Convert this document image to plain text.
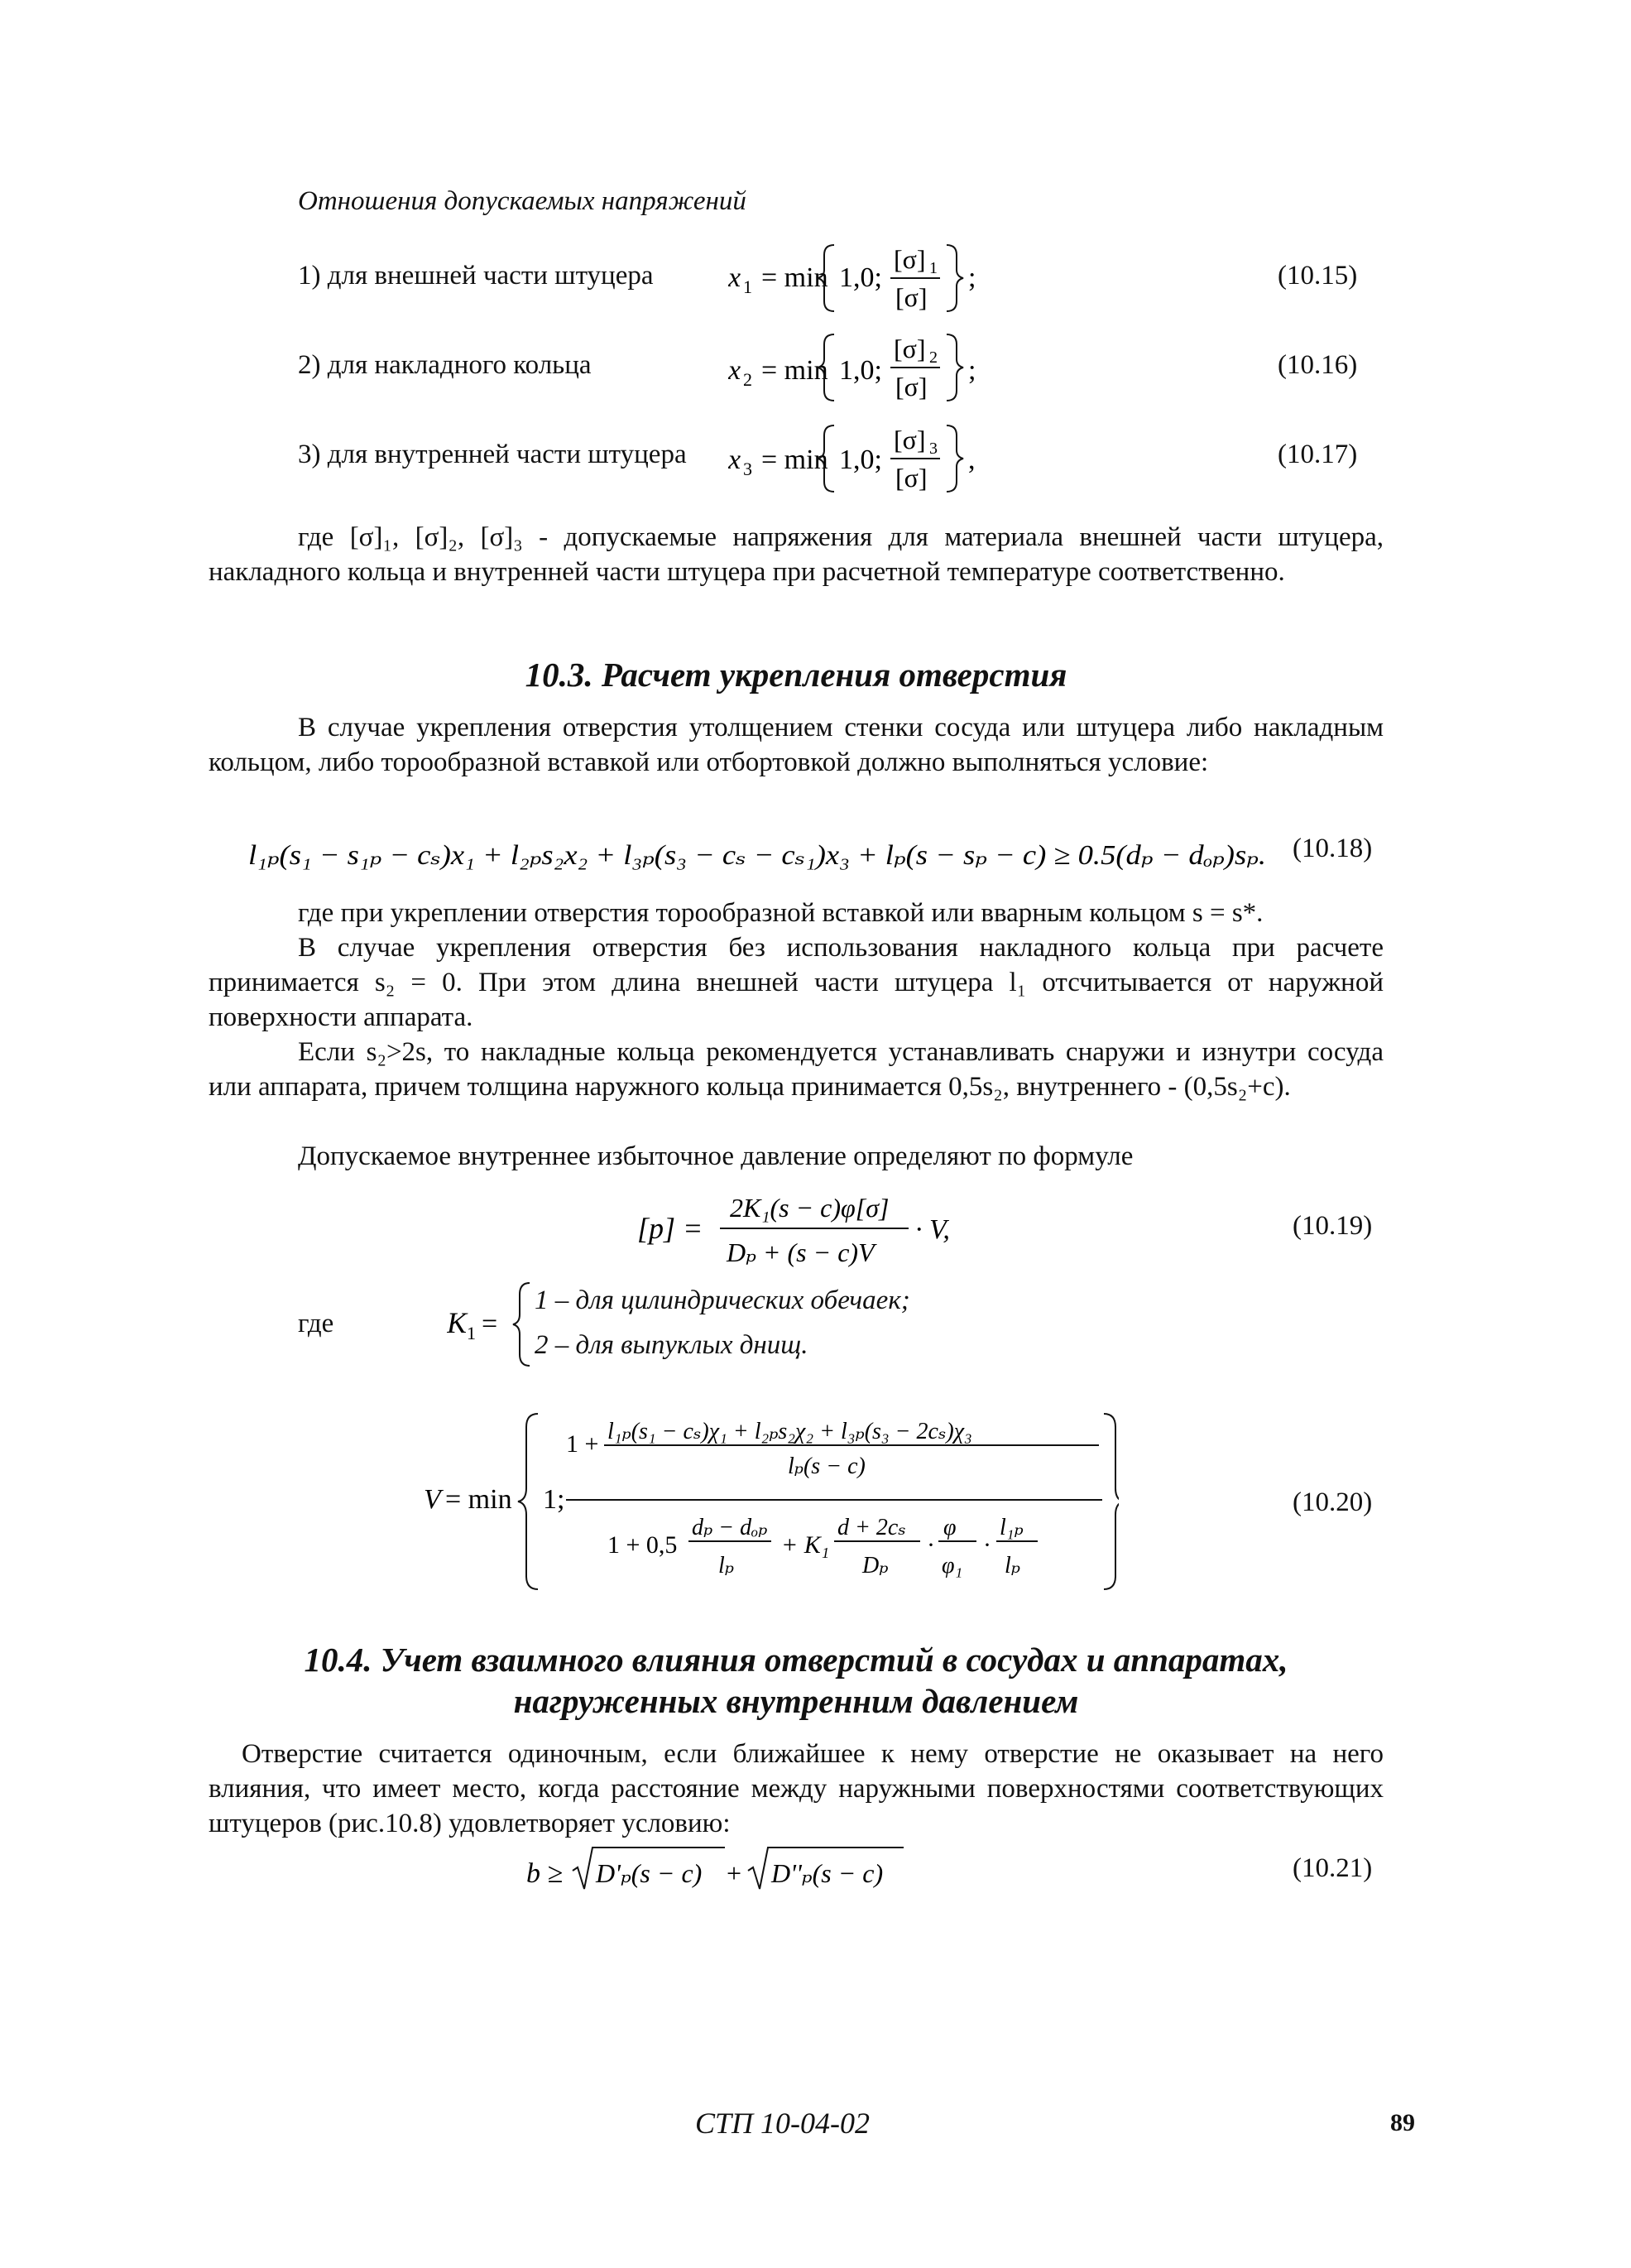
Отношения допускаемых напряжений
1) для внешней части штуцера	x 1 = min 1,0;
[σ] 1
[σ]
;	(10.15)
2) для накладного кольца	x 2 = min 1,0;
[σ] 2
[σ]
;	(10.16)
3) для внутренней части штуцера x 3 = min 1,0;
[σ] 3
[σ]
,	(10.17)
где [σ]₁, [σ]₂, [σ]₃ - допускаемые напряжения для материала внешней части штуцера, накладного кольца и внутренней части штуцера при расчетной температуре соответственно.
10.3. Расчет укрепления отверстия
В случае укрепления отверстия утолщением стенки сосуда или штуцера либо накладным кольцом, либо торообразной вставкой или отбортовкой должно выполняться условие:
l₁ₚ(s₁ − s₁ₚ − cₛ)x₁ + l₂ₚs₂x₂ + l₃ₚ(s₃ − cₛ − cₛ₁)x₃ + lₚ(s − sₚ − c) ≥ 0.5(dₚ − dₒₚ)sₚ. (10.18)
где при укреплении отверстия торообразной вставкой или вварным кольцом s = s*.
В случае укрепления отверстия без использования накладного кольца при расчете принимается s₂ = 0. При этом длина внешней части штуцера l₁ отсчитывается от наружной поверхности аппарата.
Если s₂>2s, то накладные кольца рекомендуется устанавливать снаружи и изнутри сосуда или аппарата, причем толщина наружного кольца принимается 0,5s₂, внутреннего - (0,5s₂+c).
Допускаемое внутреннее избыточное давление определяют по формуле
[p] =
2K₁(s − c)φ[σ]
Dₚ + (s − c)V
· V,	(10.19)
где	K 1 =
1 – для цилиндрических обечаек;
2 – для выпуклых днищ.
V = min 1;
1 + l₁ₚ(s₁ − cₛ)χ₁ + l₂ₚs₂χ₂ + l₃ₚ(s₃ − 2cₛ)χ₃
lₚ(s − c)
1 + 0,5
dₚ − dₒₚ
lₚ
+ K₁
d + 2cₛ
Dₚ
·
φ
φ₁
·
l₁ₚ
lₚ
(10.20)
10.4. Учет взаимного влияния отверстий в сосудах и аппаратах,
нагруженных внутренним давлением
Отверстие считается одиночным, если ближайшее к нему отверстие не оказывает на него влияния, что имеет место, когда расстояние между наружными поверхностями соответствующих штуцеров (рис.10.8) удовлетворяет условию:
b ≥ D'ₚ(s − c) + D''ₚ(s − c)	(10.21)
СТП 10-04-02	89
